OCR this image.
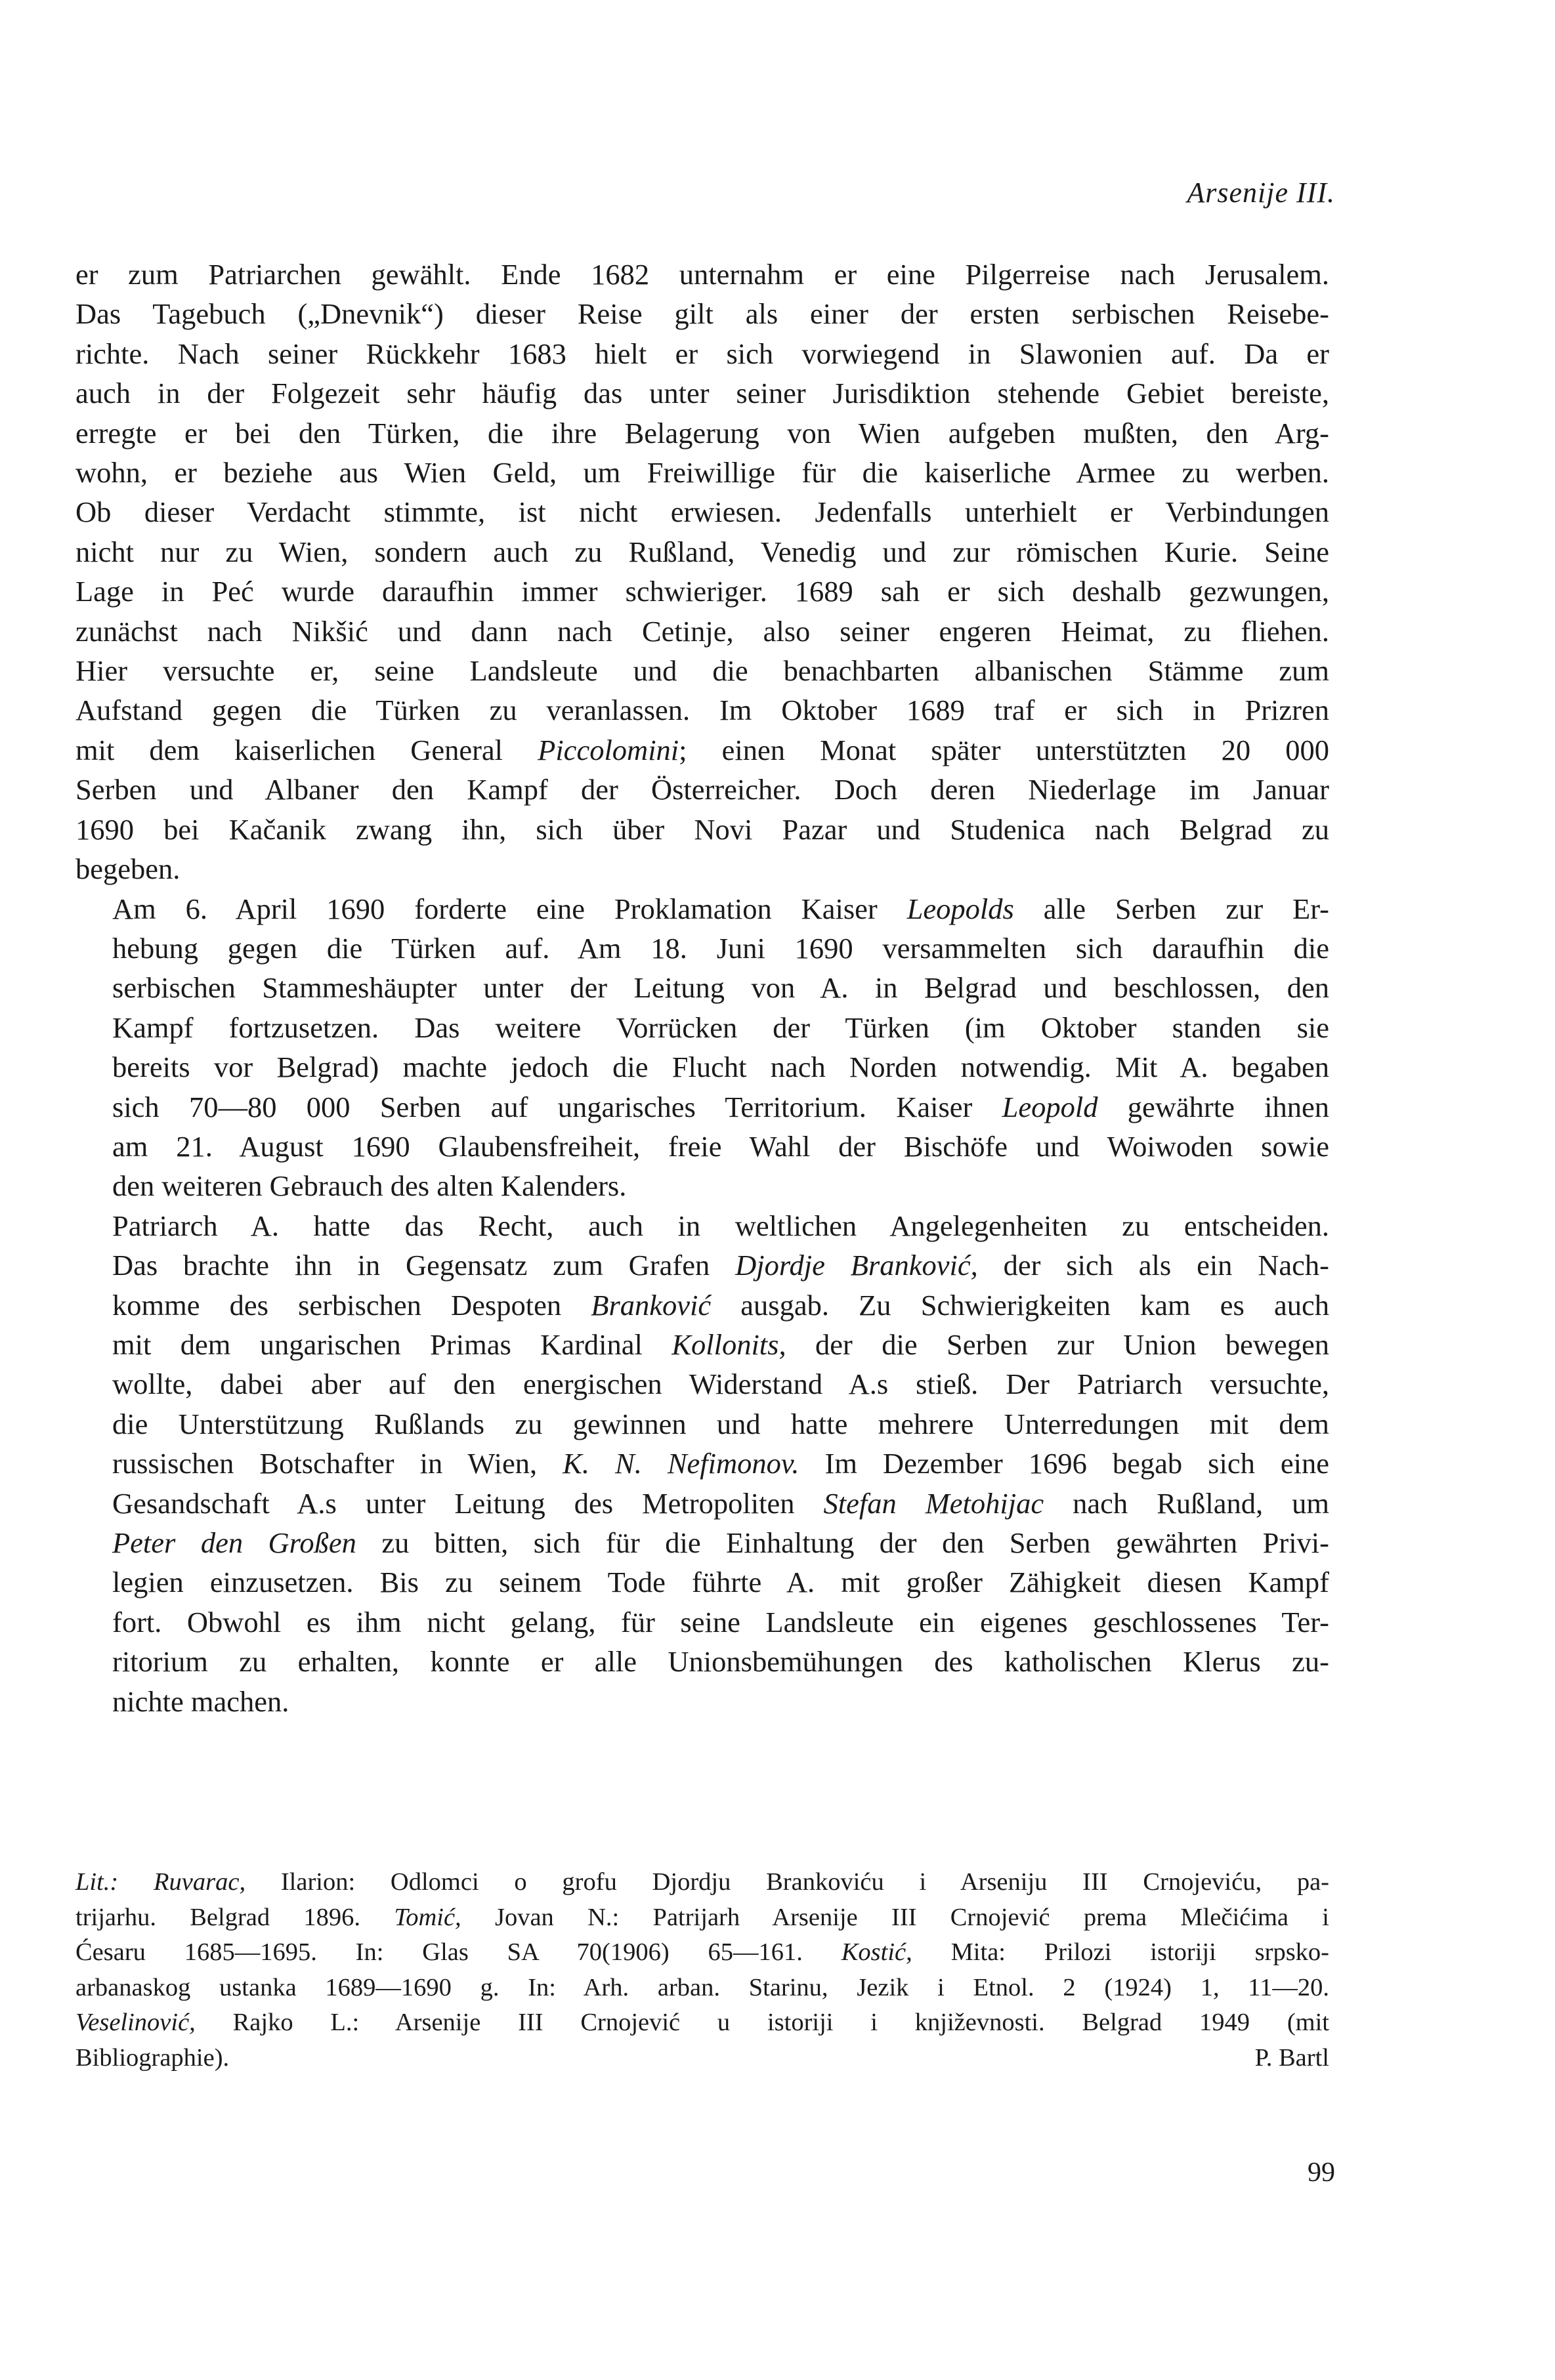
Arsenije III.

er zum Patriarchen gewählt. Ende 1682 unternahm er eine Pilgerreise nach Jerusalem.
Das Tagebuch („Dnevnik“) dieser Reise gilt als einer der ersten serbischen Reisebe-
richte. Nach seiner Rückkehr 1683 hielt er sich vorwiegend in Slawonien auf. Da er
auch in der Folgezeit sehr häufig das unter seiner Jurisdiktion stehende Gebiet bereiste,
erregte er bei den Türken, die ihre Belagerung von Wien aufgeben mußten, den Arg-
wohn, er beziehe aus Wien Geld, um Freiwillige für die kaiserliche Armee zu werben.
Ob dieser Verdacht stimmte, ist nicht erwiesen. Jedenfalls unterhielt er Verbindungen
nicht nur zu Wien, sondern auch zu Rußland, Venedig und zur römischen Kurie. Seine
Lage in Peć wurde daraufhin immer schwieriger. 1689 sah er sich deshalb gezwungen,
zunächst nach Nikšić und dann nach Cetinje, also seiner engeren Heimat, zu fliehen.
Hier versuchte er, seine Landsleute und die benachbarten albanischen Stämme zum
Aufstand gegen die Türken zu veranlassen. Im Oktober 1689 traf er sich in Prizren
mit dem kaiserlichen General Piccolomini; einen Monat später unterstützten 20 000
Serben und Albaner den Kampf der Österreicher. Doch deren Niederlage im Januar
1690 bei Kačanik zwang ihn, sich über Novi Pazar und Studenica nach Belgrad zu
begeben.

Am 6. April 1690 forderte eine Proklamation Kaiser Leopolds alle Serben zur Er-
hebung gegen die Türken auf. Am 18. Juni 1690 versammelten sich daraufhin die
serbischen Stammeshäupter unter der Leitung von A. in Belgrad und beschlossen, den
Kampf fortzusetzen. Das weitere Vorrücken der Türken (im Oktober standen sie
bereits vor Belgrad) machte jedoch die Flucht nach Norden notwendig. Mit A. begaben
sich 70—80 000 Serben auf ungarisches Territorium. Kaiser Leopold gewährte ihnen
am 21. August 1690 Glaubensfreiheit, freie Wahl der Bischöfe und Woiwoden sowie
den weiteren Gebrauch des alten Kalenders.

Patriarch A. hatte das Recht, auch in weltlichen Angelegenheiten zu entscheiden.
Das brachte ihn in Gegensatz zum Grafen Djordje Branković, der sich als ein Nach-
komme des serbischen Despoten Branković ausgab. Zu Schwierigkeiten kam es auch
mit dem ungarischen Primas Kardinal Kollonits, der die Serben zur Union bewegen
wollte, dabei aber auf den energischen Widerstand A.s stieß. Der Patriarch versuchte,
die Unterstützung Rußlands zu gewinnen und hatte mehrere Unterredungen mit dem
russischen Botschafter in Wien, K. N. Nefimonov. Im Dezember 1696 begab sich eine
Gesandschaft A.s unter Leitung des Metropoliten Stefan Metohijac nach Rußland, um
Peter den Großen zu bitten, sich für die Einhaltung der den Serben gewährten Privi-
legien einzusetzen. Bis zu seinem Tode führte A. mit großer Zähigkeit diesen Kampf
fort. Obwohl es ihm nicht gelang, für seine Landsleute ein eigenes geschlossenes Ter-
ritorium zu erhalten, konnte er alle Unionsbemühungen des katholischen Klerus zu-
nichte machen.

Lit.: Ruvarac, Ilarion: Odlomci o grofu Djordju Brankoviću i Arseniju III Crnojeviću, pa-
trijarhu. Belgrad 1896. Tomić, Jovan N.: Patrijarh Arsenije III Crnojević prema Mlečićima i
Ćesaru 1685—1695. In: Glas SA 70(1906) 65—161. Kostić, Mita: Prilozi istoriji srpsko-
arbanaskog ustanka 1689—1690 g. In: Arh. arban. Starinu, Jezik i Etnol. 2 (1924) 1, 11—20.
Veselinović, Rajko L.: Arsenije III Crnojević u istoriji i književnosti. Belgrad 1949 (mit
Bibliographie).	P. Bartl
99
